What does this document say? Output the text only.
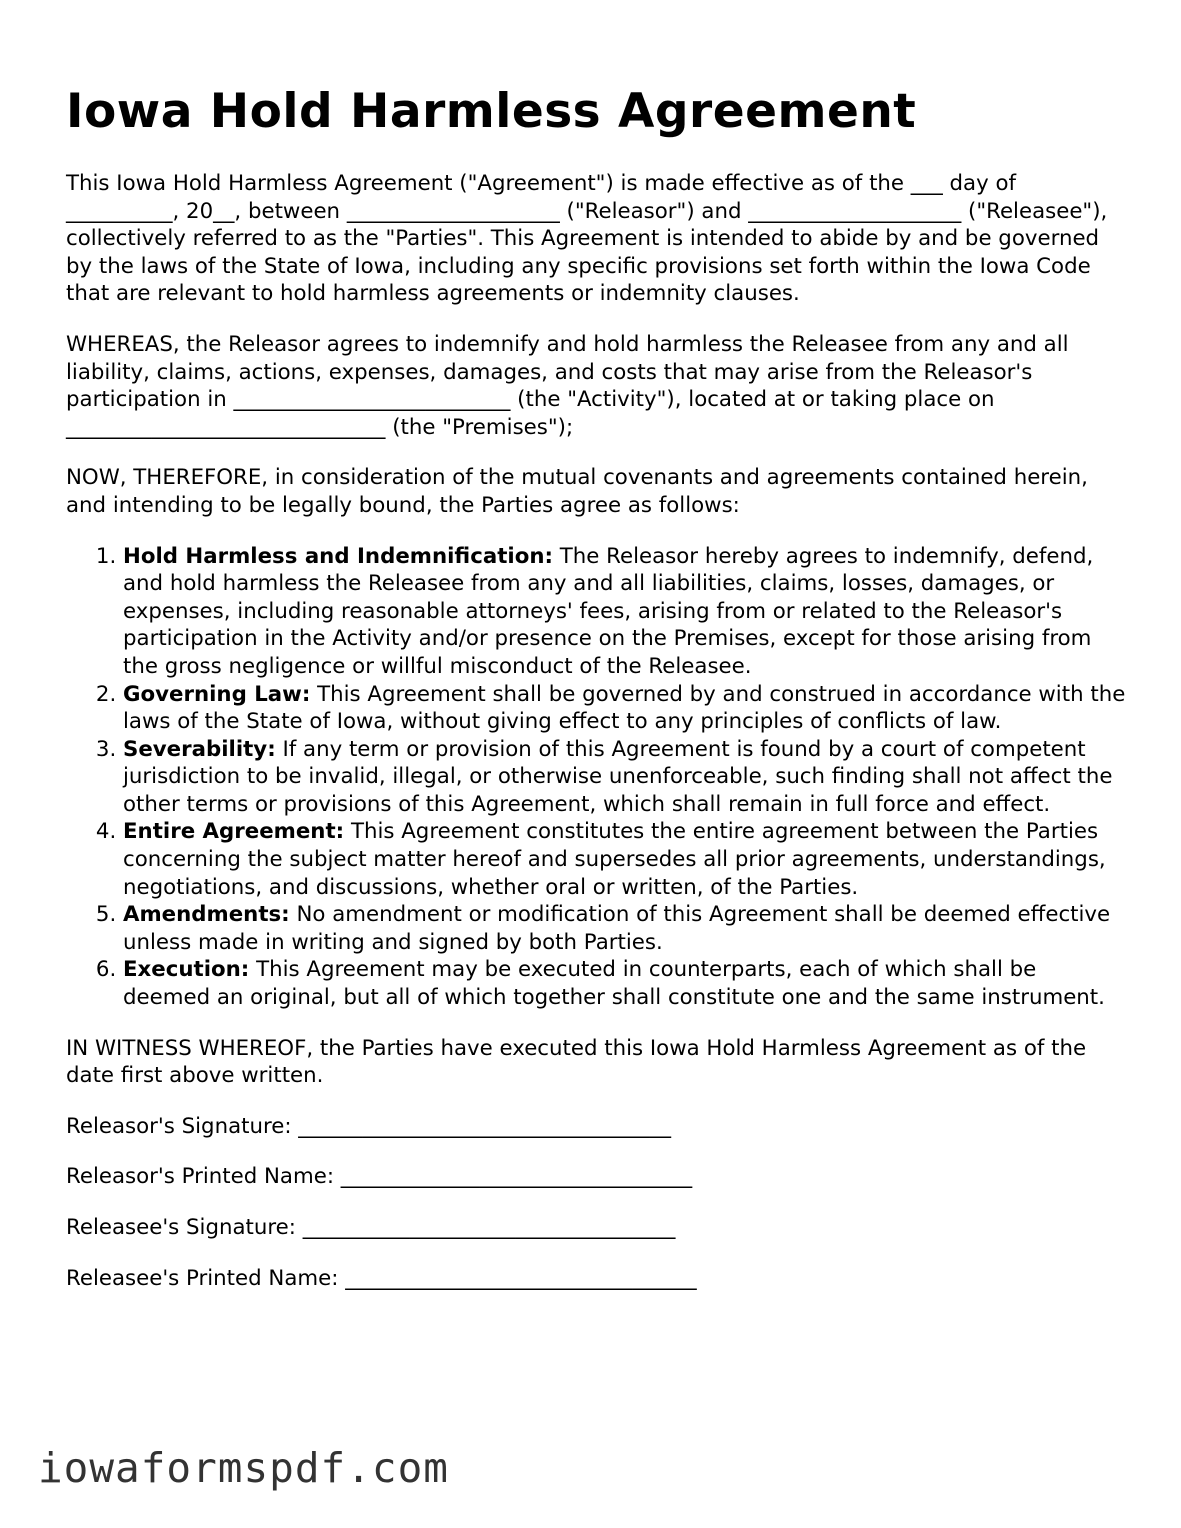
Iowa Hold Harmless Agreement

This Iowa Hold Harmless Agreement ("Agreement") is made effective as of the ___ day of __________, 20__, between ____________________ ("Releasor") and ____________________ ("Releasee"), collectively referred to as the "Parties". This Agreement is intended to abide by and be governed by the laws of the State of Iowa, including any specific provisions set forth within the Iowa Code that are relevant to hold harmless agreements or indemnity clauses.

WHEREAS, the Releasor agrees to indemnify and hold harmless the Releasee from any and all liability, claims, actions, expenses, damages, and costs that may arise from the Releasor's participation in __________________________ (the "Activity"), located at or taking place on ______________________________ (the "Premises");

NOW, THEREFORE, in consideration of the mutual covenants and agreements contained herein, and intending to be legally bound, the Parties agree as follows:

1. Hold Harmless and Indemnification: The Releasor hereby agrees to indemnify, defend, and hold harmless the Releasee from any and all liabilities, claims, losses, damages, or expenses, including reasonable attorneys' fees, arising from or related to the Releasor's participation in the Activity and/or presence on the Premises, except for those arising from the gross negligence or willful misconduct of the Releasee.
2. Governing Law: This Agreement shall be governed by and construed in accordance with the laws of the State of Iowa, without giving effect to any principles of conflicts of law.
3. Severability: If any term or provision of this Agreement is found by a court of competent jurisdiction to be invalid, illegal, or otherwise unenforceable, such finding shall not affect the other terms or provisions of this Agreement, which shall remain in full force and effect.
4. Entire Agreement: This Agreement constitutes the entire agreement between the Parties concerning the subject matter hereof and supersedes all prior agreements, understandings, negotiations, and discussions, whether oral or written, of the Parties.
5. Amendments: No amendment or modification of this Agreement shall be deemed effective unless made in writing and signed by both Parties.
6. Execution: This Agreement may be executed in counterparts, each of which shall be deemed an original, but all of which together shall constitute one and the same instrument.

IN WITNESS WHEREOF, the Parties have executed this Iowa Hold Harmless Agreement as of the date first above written.

Releasor's Signature: ___________________________________
Releasor's Printed Name: _________________________________
Releasee's Signature: ___________________________________
Releasee's Printed Name: _________________________________
iowaformspdf.com
